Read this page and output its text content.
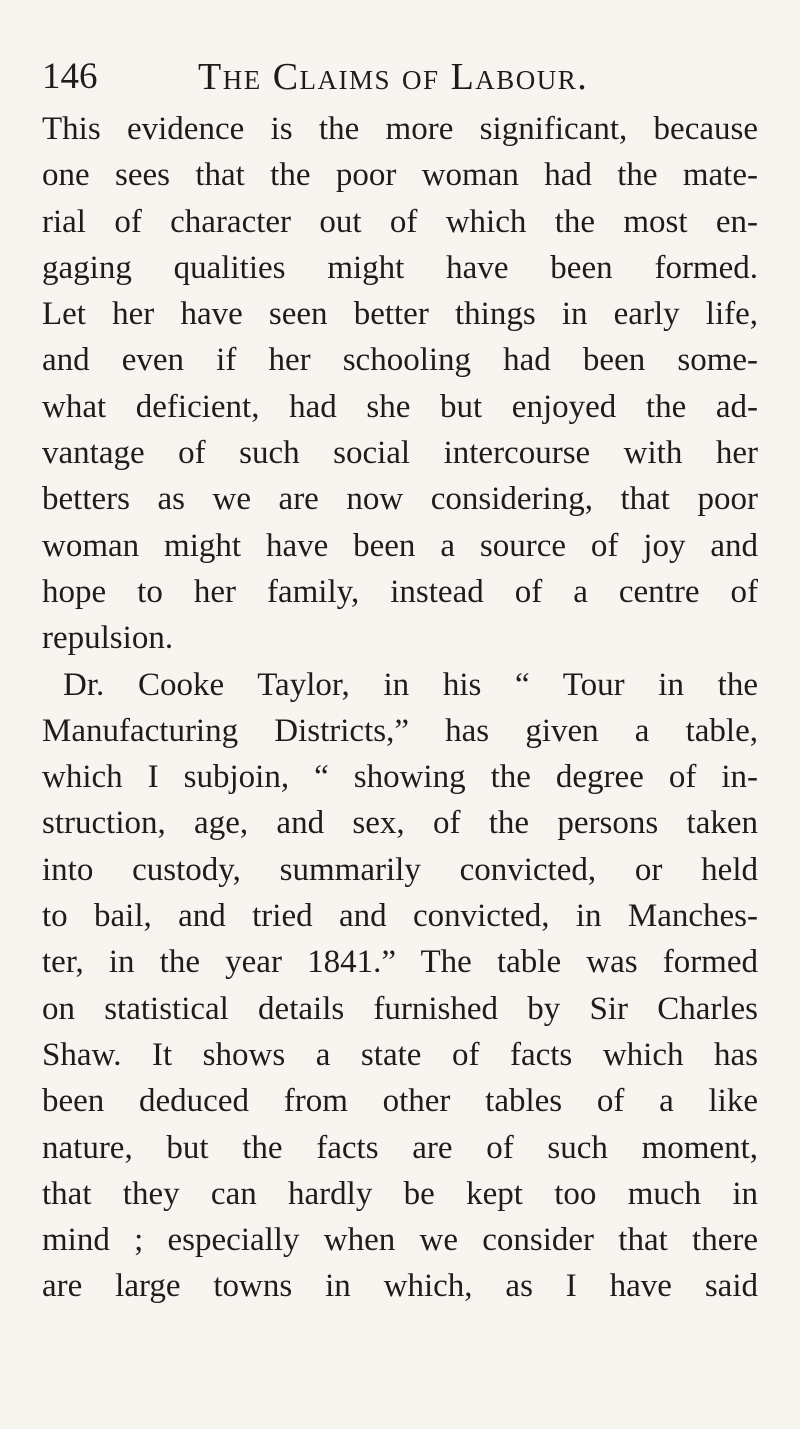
146	The Claims of Labour.
This evidence is the more significant, because
one sees that the poor woman had the mate-
rial of character out of which the most en-
gaging qualities might have been formed.
Let her have seen better things in early life,
and even if her schooling had been some-
what deficient, had she but enjoyed the ad-
vantage of such social intercourse with her
betters as we are now considering, that poor
woman might have been a source of joy and
hope to her family, instead of a centre of
repulsion.
Dr. Cooke Taylor, in his “ Tour in the
Manufacturing Districts,” has given a table,
which I subjoin, “ showing the degree of in-
struction, age, and sex, of the persons taken
into custody, summarily convicted, or held
to bail, and tried and convicted, in Manches-
ter, in the year 1841.” The table was formed
on statistical details furnished by Sir Charles
Shaw. It shows a state of facts which has
been deduced from other tables of a like
nature, but the facts are of such moment,
that they can hardly be kept too much in
mind ; especially when we consider that there
are large towns in which, as I have said
